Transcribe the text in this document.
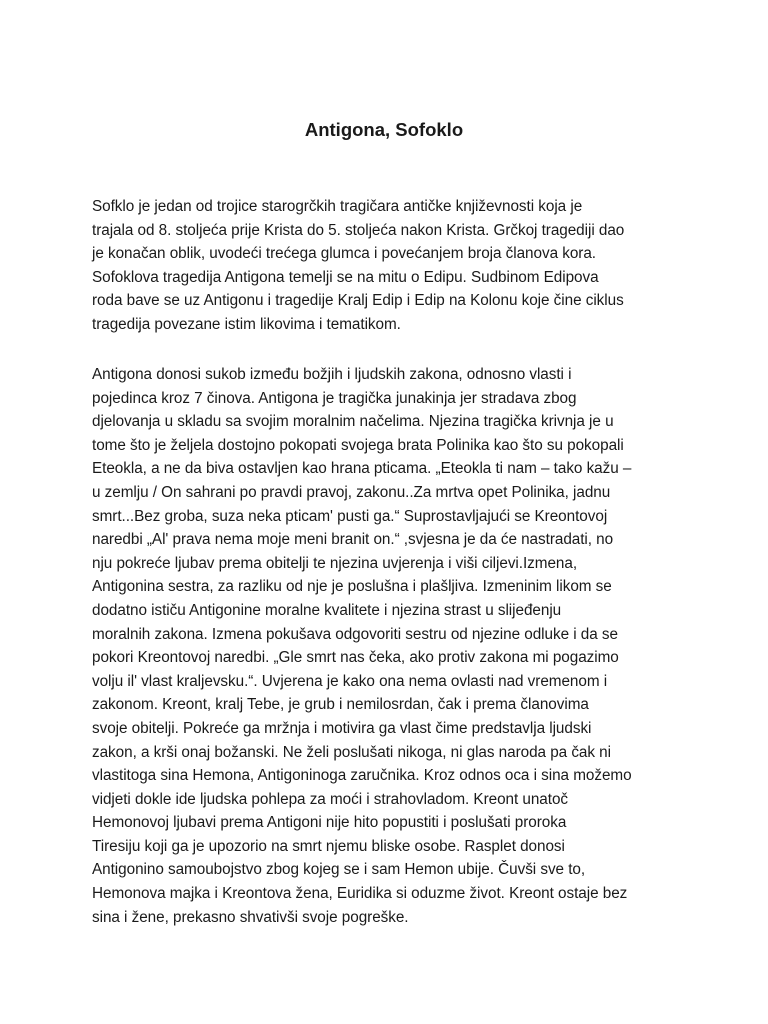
Antigona, Sofoklo
Sofklo je jedan od trojice starogrčkih tragičara antičke književnosti koja je
trajala od 8. stoljeća prije Krista do 5. stoljeća nakon Krista. Grčkoj tragediji dao
je konačan oblik, uvodeći trećega glumca i povećanjem broja članova kora.
Sofoklova tragedija Antigona temelji se na mitu o Edipu. Sudbinom Edipova
roda bave se uz Antigonu i tragedije Kralj Edip i Edip na Kolonu koje čine ciklus
tragedija povezane istim likovima i tematikom.
Antigona donosi sukob između božjih i ljudskih zakona, odnosno vlasti i
pojedinca kroz 7 činova. Antigona je tragička junakinja jer stradava zbog
djelovanja u skladu sa svojim moralnim načelima. Njezina tragička krivnja je u
tome što je željela dostojno pokopati svojega brata Polinika kao što su pokopali
Eteokla, a ne da biva ostavljen kao hrana pticama. „Eteokla ti nam – tako kažu –
u zemlju / On sahrani po pravdi pravoj, zakonu..Za mrtva opet Polinika, jadnu
smrt...Bez groba, suza neka pticam' pusti ga.“ Suprostavljajući se Kreontovoj
naredbi „Al' prava nema moje meni branit on.“ ,svjesna je da će nastradati, no
nju pokreće ljubav prema obitelji te njezina uvjerenja i viši ciljevi.Izmena,
Antigonina sestra, za razliku od nje je poslušna i plašljiva. Izmeninim likom se
dodatno ističu Antigonine moralne kvalitete i njezina strast u slijeđenju
moralnih zakona. Izmena pokušava odgovoriti sestru od njezine odluke i da se
pokori Kreontovoj naredbi. „Gle smrt nas čeka, ako protiv zakona mi pogazimo
volju il' vlast kraljevsku.“. Uvjerena je kako ona nema ovlasti nad vremenom i
zakonom. Kreont, kralj Tebe, je grub i nemilosrdan, čak i prema članovima
svoje obitelji. Pokreće ga mržnja i motivira ga vlast čime predstavlja ljudski
zakon, a krši onaj božanski. Ne želi poslušati nikoga, ni glas naroda pa čak ni
vlastitoga sina Hemona, Antigoninoga zaručnika. Kroz odnos oca i sina možemo
vidjeti dokle ide ljudska pohlepa za moći i strahovladom. Kreont unatoč
Hemonovoj ljubavi prema Antigoni nije hito popustiti i poslušati proroka
Tiresiju koji ga je upozorio na smrt njemu bliske osobe. Rasplet donosi
Antigonino samoubojstvo zbog kojeg se i sam Hemon ubije. Čuvši sve to,
Hemonova majka i Kreontova žena, Euridika si oduzme život. Kreont ostaje bez
sina i žene, prekasno shvativši svoje pogreške.
